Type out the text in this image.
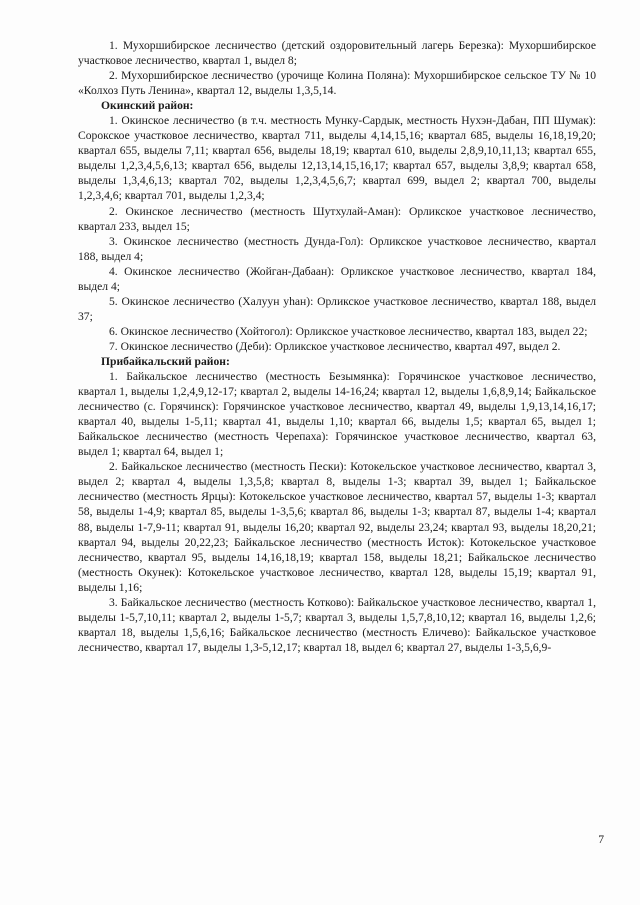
1. Мухоршибирское лесничество (детский оздоровительный лагерь Березка): Мухоршибирское участковое лесничество, квартал 1, выдел 8;

2. Мухоршибирское лесничество (урочище Колина Поляна): Мухоршибирское сельское ТУ № 10 «Колхоз Путь Ленина», квартал 12, выделы 1,3,5,14.

Окинский район:

1. Окинское лесничество (в т.ч. местность Мунку-Сардык, местность Нухэн-Дабан, ПП Шумак): Сорокское участковое лесничество, квартал 711, выделы 4,14,15,16; квартал 685, выделы 16,18,19,20; квартал 655, выделы 7,11; квартал 656, выделы 18,19; квартал 610, выделы 2,8,9,10,11,13; квартал 655, выделы 1,2,3,4,5,6,13; квартал 656, выделы 12,13,14,15,16,17; квартал 657, выделы 3,8,9; квартал 658, выделы 1,3,4,6,13; квартал 702, выделы 1,2,3,4,5,6,7; квартал 699, выдел 2; квартал 700, выделы 1,2,3,4,6; квартал 701, выделы 1,2,3,4;

2. Окинское лесничество (местность Шутхулай-Аман): Орликское участковое лесничество, квартал 233, выдел 15;

3. Окинское лесничество (местность Дунда-Гол): Орликское участковое лесничество, квартал 188, выдел 4;

4. Окинское лесничество (Жойган-Дабаан): Орликское участковое лесничество, квартал 184, выдел 4;

5. Окинское лесничество (Халуун уhан): Орликское участковое лесничество, квартал 188, выдел 37;

6. Окинское лесничество (Хойтогол): Орликское участковое лесничество, квартал 183, выдел 22;

7. Окинское лесничество (Деби): Орликское участковое лесничество, квартал 497, выдел 2.

Прибайкальский район:

1. Байкальское лесничество (местность Безымянка): Горячинское участковое лесничество, квартал 1, выделы 1,2,4,9,12-17; квартал 2, выделы 14-16,24; квартал 12, выделы 1,6,8,9,14; Байкальское лесничество (с. Горячинск): Горячинское участковое лесничество, квартал 49, выделы 1,9,13,14,16,17; квартал 40, выделы 1-5,11; квартал 41, выделы 1,10; квартал 66, выделы 1,5; квартал 65, выдел 1; Байкальское лесничество (местность Черепаха): Горячинское участковое лесничество, квартал 63, выдел 1; квартал 64, выдел 1;

2. Байкальское лесничество (местность Пески): Котокельское участковое лесничество, квартал 3, выдел 2; квартал 4, выделы 1,3,5,8; квартал 8, выделы 1-3; квартал 39, выдел 1; Байкальское лесничество (местность Ярцы): Котокельское участковое лесничество, квартал 57, выделы 1-3; квартал 58, выделы 1-4,9; квартал 85, выделы 1-3,5,6; квартал 86, выделы 1-3; квартал 87, выделы 1-4; квартал 88, выделы 1-7,9-11; квартал 91, выделы 16,20; квартал 92, выделы 23,24; квартал 93, выделы 18,20,21; квартал 94, выделы 20,22,23; Байкальское лесничество (местность Исток): Котокельское участковое лесничество, квартал 95, выделы 14,16,18,19; квартал 158, выделы 18,21; Байкальское лесничество (местность Окунек): Котокельское участковое лесничество, квартал 128, выделы 15,19; квартал 91, выделы 1,16;

3. Байкальское лесничество (местность Котково): Байкальское участковое лесничество, квартал 1, выделы 1-5,7,10,11; квартал 2, выделы 1-5,7; квартал 3, выделы 1,5,7,8,10,12; квартал 16, выделы 1,2,6; квартал 18, выделы 1,5,6,16; Байкальское лесничество (местность Еличево): Байкальское участковое лесничество, квартал 17, выделы 1,3-5,12,17; квартал 18, выдел 6; квартал 27, выделы 1-3,5,6,9-

7
